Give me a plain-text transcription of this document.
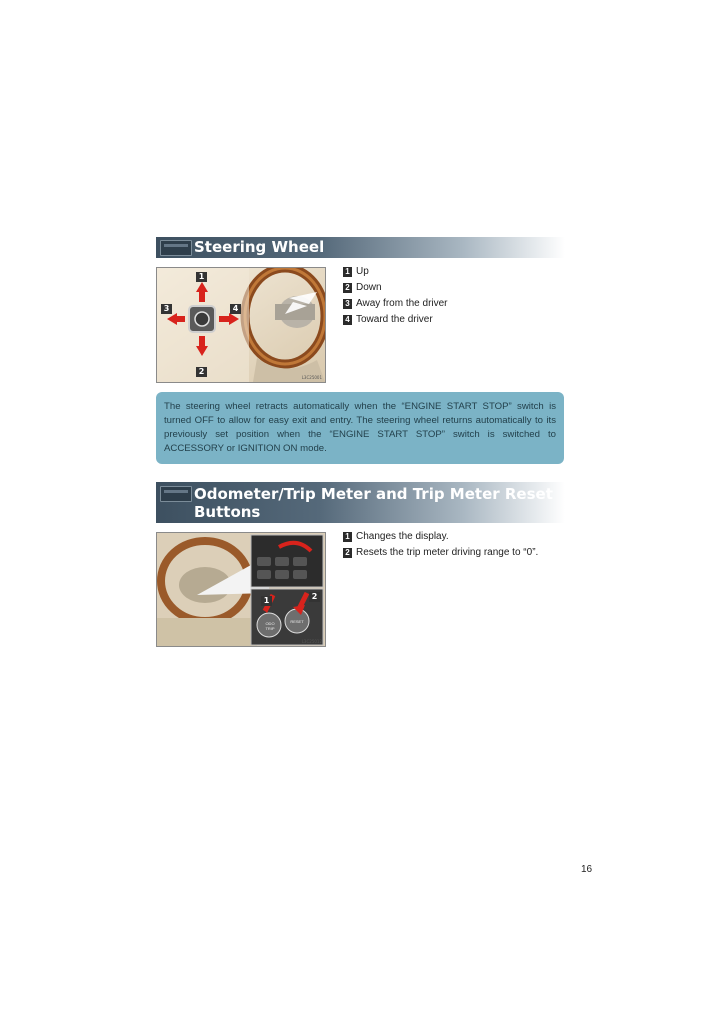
Steering Wheel
1
2
3	4
L3C25001
1 Up
2 Down
3 Away from the driver
4 Toward the driver
The steering wheel retracts automatically when the “ENGINE START STOP” switch is turned OFF to allow for easy exit and entry. The steering wheel returns automatically to its previously set position when the “ENGINE START STOP” switch is switched to ACCESSORY or IGNITION ON mode.
Odometer/Trip Meter and Trip Meter Reset Buttons
1	2
ODO TRIP
RESET
L3C25012
1 Changes the display.
2 Resets the trip meter driving range to “0”.
16
